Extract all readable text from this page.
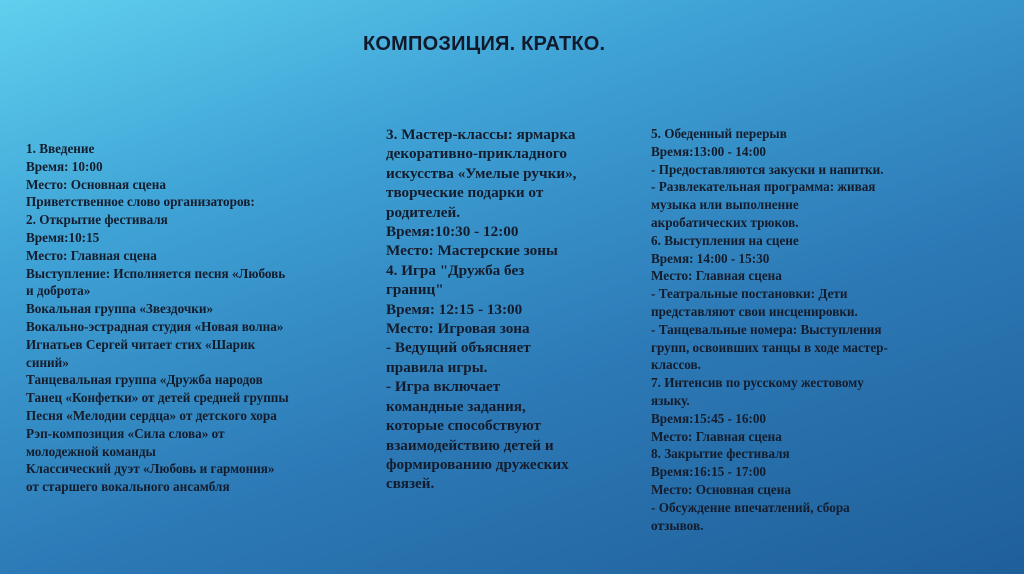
КОМПОЗИЦИЯ. КРАТКО.
1. Введение
Время: 10:00
Место: Основная сцена
Приветственное слово организаторов:
2. Открытие фестиваля
Время:10:15
Место: Главная сцена
Выступление: Исполняется песня «Любовь
и доброта»
Вокальная группа «Звездочки»
Вокально-эстрадная студия «Новая волна»
Игнатьев Сергей читает стих «Шарик
синий»
Танцевальная группа «Дружба народов
Танец «Конфетки» от детей средней группы
Песня «Мелодии сердца» от детского хора
Рэп-композиция «Сила слова» от
молодежной команды
Классический дуэт «Любовь и гармония»
от старшего вокального ансамбля
3. Мастер-классы: ярмарка
декоративно-прикладного
искусства «Умелые ручки»,
творческие подарки от
родителей.
Время:10:30 - 12:00
Место: Мастерские зоны
4. Игра "Дружба без
границ"
Время: 12:15 - 13:00
Место: Игровая зона
- Ведущий объясняет
правила игры.
- Игра включает
командные задания,
которые способствуют
взаимодействию детей и
формированию дружеских
связей.
5. Обеденный перерыв
Время:13:00 - 14:00
- Предоставляются закуски и напитки.
- Развлекательная программа: живая
музыка или выполнение
акробатических трюков.
6. Выступления на сцене
Время: 14:00 - 15:30
Место: Главная сцена
- Театральные постановки: Дети
представляют свои инсценировки.
- Танцевальные номера: Выступления
групп, освоивших танцы в ходе мастер-
классов.
7. Интенсив по русскому жестовому
языку.
Время:15:45 - 16:00
Место: Главная сцена
8. Закрытие фестиваля
Время:16:15 - 17:00
Место: Основная сцена
- Обсуждение впечатлений, сбора
отзывов.
